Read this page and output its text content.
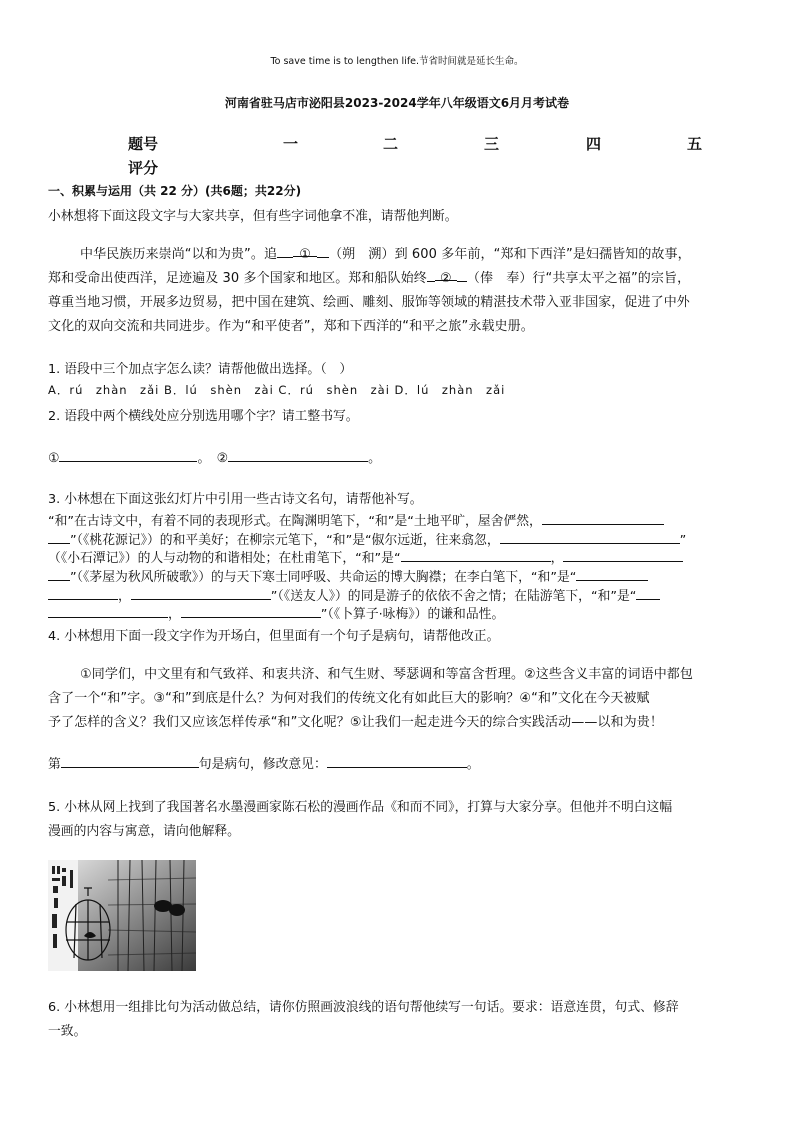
To save time is to lengthen life.节省时间就是延长生命。
河南省驻马店市泌阳县2023-2024学年八年级语文6月月考试卷
题号	一	二	三	四	五
评分
一、积累与运用（共 22 分）(共6题；共22分)
小林想将下面这段文字与大家共享，但有些字词他拿不准，请帮他判断。
中华民族历来崇尚“以和为贵”。追 ① （朔　溯）到 600 多年前，“郑和下西洋”是妇孺皆知的故事，
郑和受命出使西洋，足迹遍及 30 多个国家和地区。郑和船队始终 ② （俸　奉）行“共享太平之福”的宗旨，
尊重当地习惯，开展多边贸易，把中国在建筑、绘画、雕刻、服饰等领域的精湛技术带入亚非国家，促进了中外
文化的双向交流和共同进步。作为“和平使者”，郑和下西洋的“和平之旅”永载史册。
1. 语段中三个加点字怎么读？请帮他做出选择。（　）
A．rú　zhàn　zǎi B．lú　shèn　zài C．rú　shèn　zài D．lú　zhàn　zǎi
2. 语段中两个横线处应分别选用哪个字？请工整书写。
①	。　②	。
3. 小林想在下面这张幻灯片中引用一些古诗文名句，请帮他补写。
“和”在古诗文中，有着不同的表现形式。在陶渊明笔下，“和”是“土地平旷，屋舍俨然，
”（《桃花源记》）的和平美好；在柳宗元笔下，“和”是“俶尔远逝，往来翕忽，	”
（《小石潭记》）的人与动物的和谐相处；在杜甫笔下，“和”是“	，
”（《茅屋为秋风所破歌》）的与天下寒士同呼吸、共命运的博大胸襟；在李白笔下，“和”是“
，	”（《送友人》）的同是游子的依依不舍之情；在陆游笔下，“和”是“
，	”（《卜算子·咏梅》）的谦和品性。
4. 小林想用下面一段文字作为开场白，但里面有一个句子是病句，请帮他改正。
①同学们，中文里有和气致祥、和衷共济、和气生财、琴瑟调和等富含哲理。②这些含义丰富的词语中都包
含了一个“和”字。③“和”到底是什么？为何对我们的传统文化有如此巨大的影响？④“和”文化在今天被赋
予了怎样的含义？我们又应该怎样传承“和”文化呢？⑤让我们一起走进今天的综合实践活动——以和为贵！
第	句是病句，修改意见：	。
5. 小林从网上找到了我国著名水墨漫画家陈石松的漫画作品《和而不同》，打算与大家分享。但他并不明白这幅
漫画的内容与寓意，请向他解释。
6. 小林想用一组排比句为活动做总结，请你仿照画波浪线的语句帮他续写一句话。要求：语意连贯，句式、修辞
一致。
